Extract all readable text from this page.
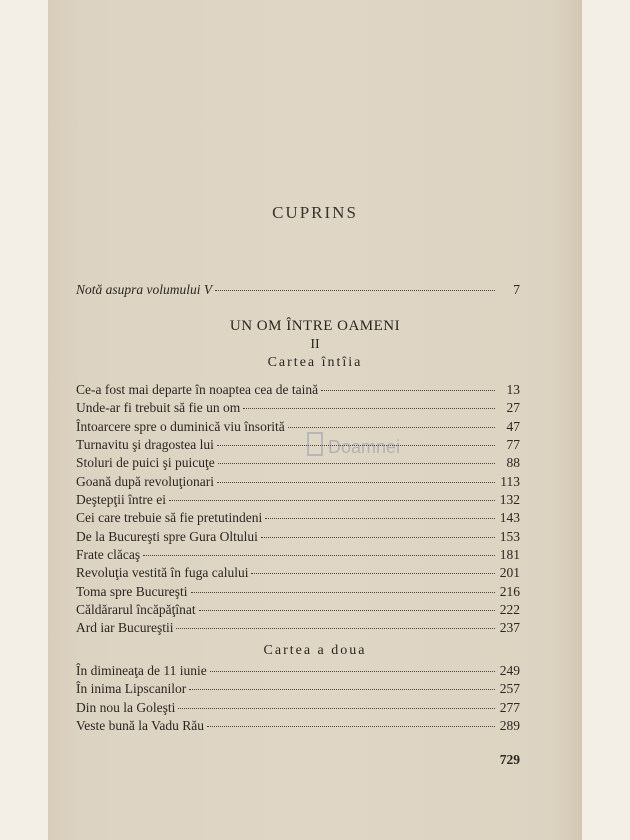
CUPRINS
Notă asupra volumului V	7
UN OM ÎNTRE OAMENI
II
Cartea întîia
Ce-a fost mai departe în noaptea cea de taină	13
Unde-ar fi trebuit să fie un om	27
Întoarcere spre o duminică viu însorită	47
Turnavitu şi dragostea lui	77
Stoluri de puici şi puicuţe	88
Goană după revoluţionari	113
Deştepţii între ei	132
Cei care trebuie să fie pretutindeni	143
De la Bucureşti spre Gura Oltului	153
Frate clăcaş	181
Revoluţia vestită în fuga calului	201
Toma spre Bucureşti	216
Căldărarul încăpăţînat	222
Ard iar Bucureştii	237
Cartea a doua
În dimineaţa de 11 iunie	249
În inima Lipscanilor	257
Din nou la Goleşti	277
Veste bună la Vadu Rău	289
729
Doamnei
